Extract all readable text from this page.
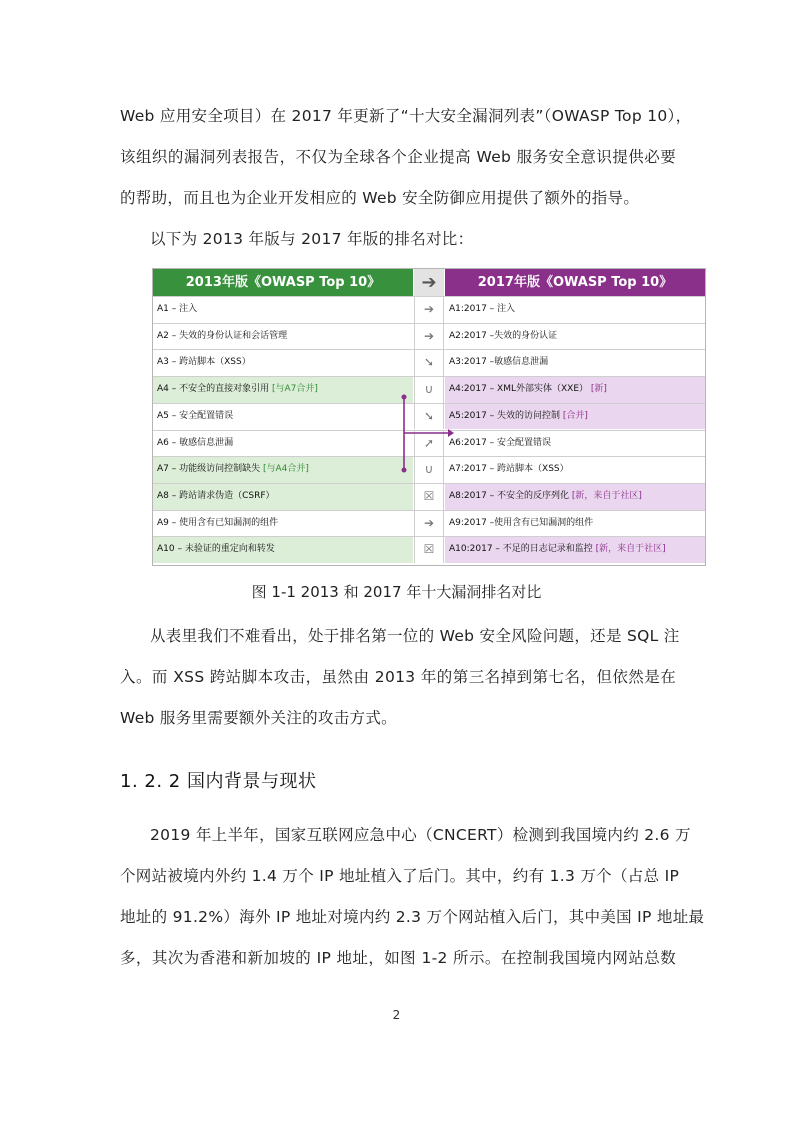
Web 应用安全项目）在 2017 年更新了“十大安全漏洞列表”（OWASP Top 10），
该组织的漏洞列表报告，不仅为全球各个企业提高 Web 服务安全意识提供必要
的帮助，而且也为企业开发相应的 Web 安全防御应用提供了额外的指导。
以下为 2013 年版与 2017 年版的排名对比：
2013年版《OWASP Top 10》	➔	2017年版《OWASP Top 10》
A1 – 注入	➔	A1:2017 – 注入
A2 – 失效的身份认证和会话管理	➔	A2:2017 –失效的身份认证
A3 – 跨站脚本（XSS）	➘	A3:2017 –敏感信息泄漏
A4 – 不安全的直接对象引用 [与A7合并]	∪	A4:2017 – XML外部实体（XXE） [新]
A5 – 安全配置错误	➘	A5:2017 – 失效的访问控制 [合并]
A6 – 敏感信息泄漏	➚	A6:2017 – 安全配置错误
A7 – 功能级访问控制缺失 [与A4合并]	∪	A7:2017 – 跨站脚本（XSS）
A8 – 跨站请求伪造（CSRF）	☒	A8:2017 – 不安全的反序列化 [新，来自于社区]
A9 – 使用含有已知漏洞的组件	➔	A9:2017 –使用含有已知漏洞的组件
A10 – 未验证的重定向和转发	☒	A10:2017 – 不足的日志记录和监控 [新，来自于社区]
图 1-1 2013 和 2017 年十大漏洞排名对比
从表里我们不难看出，处于排名第一位的 Web 安全风险问题，还是 SQL 注
入。而 XSS 跨站脚本攻击，虽然由 2013 年的第三名掉到第七名，但依然是在
Web 服务里需要额外关注的攻击方式。
1. 2. 2 国内背景与现状
2019 年上半年，国家互联网应急中心（CNCERT）检测到我国境内约 2.6 万
个网站被境内外约 1.4 万个 IP 地址植入了后门。其中，约有 1.3 万个（占总 IP
地址的 91.2%）海外 IP 地址对境内约 2.3 万个网站植入后门，其中美国 IP 地址最
多，其次为香港和新加坡的 IP 地址，如图 1-2 所示。在控制我国境内网站总数
2
